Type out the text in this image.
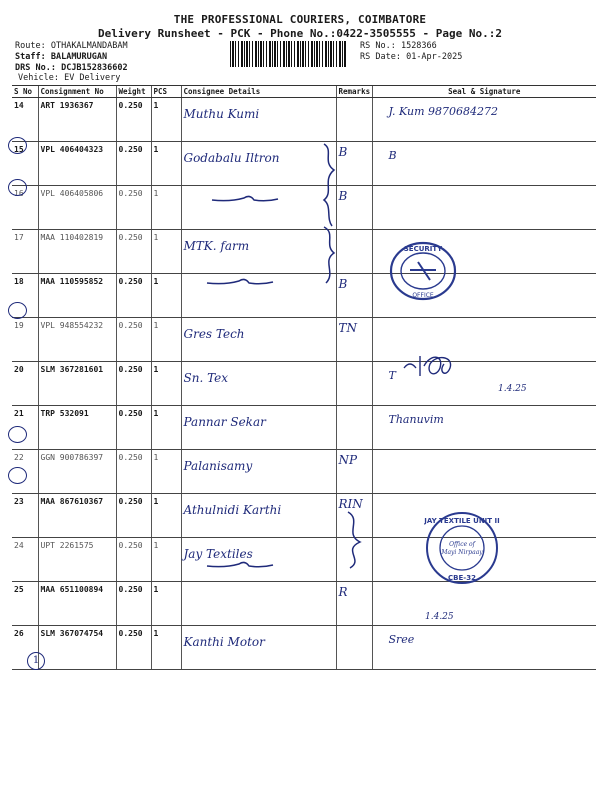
THE PROFESSIONAL COURIERS, COIMBATORE
Delivery Runsheet - PCK - Phone No.:0422-3505555 - Page No.:2
Route: OTHAKALMANDABAM
Staff: BALAMURUGAN
DRS No.: DCJB152836602
Vehicle: EV Delivery
RS No.: 1528366
RS Date: 01-Apr-2025
S No	Consignment No	Weight	PCS	Consignee Details	Remarks	Seal & Signature
14	ART 1936367	0.250	1	Muthu Kumi		J. Kum 9870684272

15	VPL 406404323	0.250	1	Godabalu Iltron	B	B

16	VPL 406405806	0.250	1		B	

17	MAA 110402819	0.250	1	MTK. farm		

18	MAA 110595852	0.250	1		B	

19	VPL 948554232	0.250	1	Gres Tech	TN	

20	SLM 367281601	0.250	1	Sn. Tex		T

21	TRP 532091	0.250	1	Pannar Sekar		Thanuvim

22	GGN 900786397	0.250	1	Palanisamy	NP	

23	MAA 867610367	0.250	1	Athulnidi Karthi	RIN	

24	UPT 2261575	0.250	1	Jay Textiles		

25	MAA 651100894	0.250	1		R	

26	SLM 367074754	0.250	1	Kanthi Motor		Sree
SECURITY
OFFICE
JAY TEXTILE UNIT II
Office of
Mayi Nirpaay
CBE-32
1.4.25
1.4.25
1
